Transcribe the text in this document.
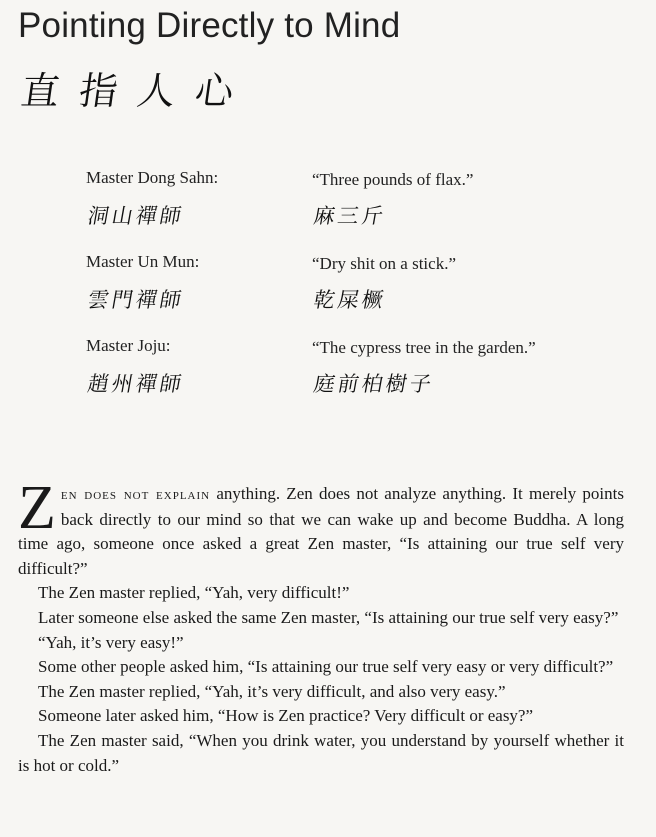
Pointing Directly to Mind
直指人心
Master Dong Sahn:	“Three pounds of flax.”
洞山禪師	麻三斤
Master Un Mun:	“Dry shit on a stick.”
雲門禪師	乾屎橛
Master Joju:	“The cypress tree in the garden.”
趙州禪師	庭前柏樹子

Zen does not explain anything. Zen does not analyze anything. It merely points back directly to our mind so that we can wake up and become Buddha. A long time ago, someone once asked a great Zen master, “Is attaining our true self very difficult?”

The Zen master replied, “Yah, very difficult!”

Later someone else asked the same Zen master, “Is attaining our true self very easy?”

“Yah, it’s very easy!”

Some other people asked him, “Is attaining our true self very easy or very difficult?”

The Zen master replied, “Yah, it’s very difficult, and also very easy.”

Someone later asked him, “How is Zen practice? Very difficult or easy?”

The Zen master said, “When you drink water, you understand by yourself whether it is hot or cold.”
